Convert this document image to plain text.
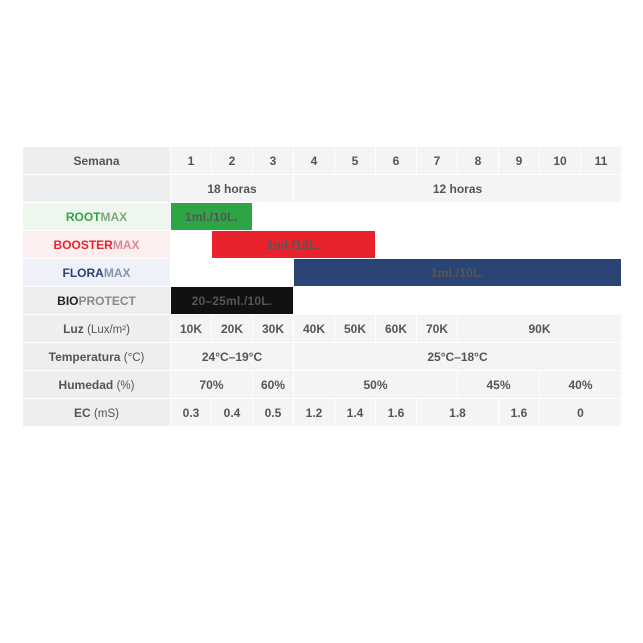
Semana	1	2	3	4	5	6	7	8	9	10	11
	18 horas			12 horas							
ROOTMAX	1ml./10L.										
BOOSTERMAX		1ml./10L.									
FLORAMAX				1ml./10L.							
BIOPROTECT	20–25ml./10L.										
Luz (Lux/m²)	10K	20K	30K	40K	50K	60K	70K	90K			
Temperatura (°C)	24°C–19°C			25°C–18°C							
Humedad (%)	70%		60%	50%				45%		40%	
EC (mS)	0.3	0.4	0.5	1.2	1.4	1.6	1.8		1.6	0	
